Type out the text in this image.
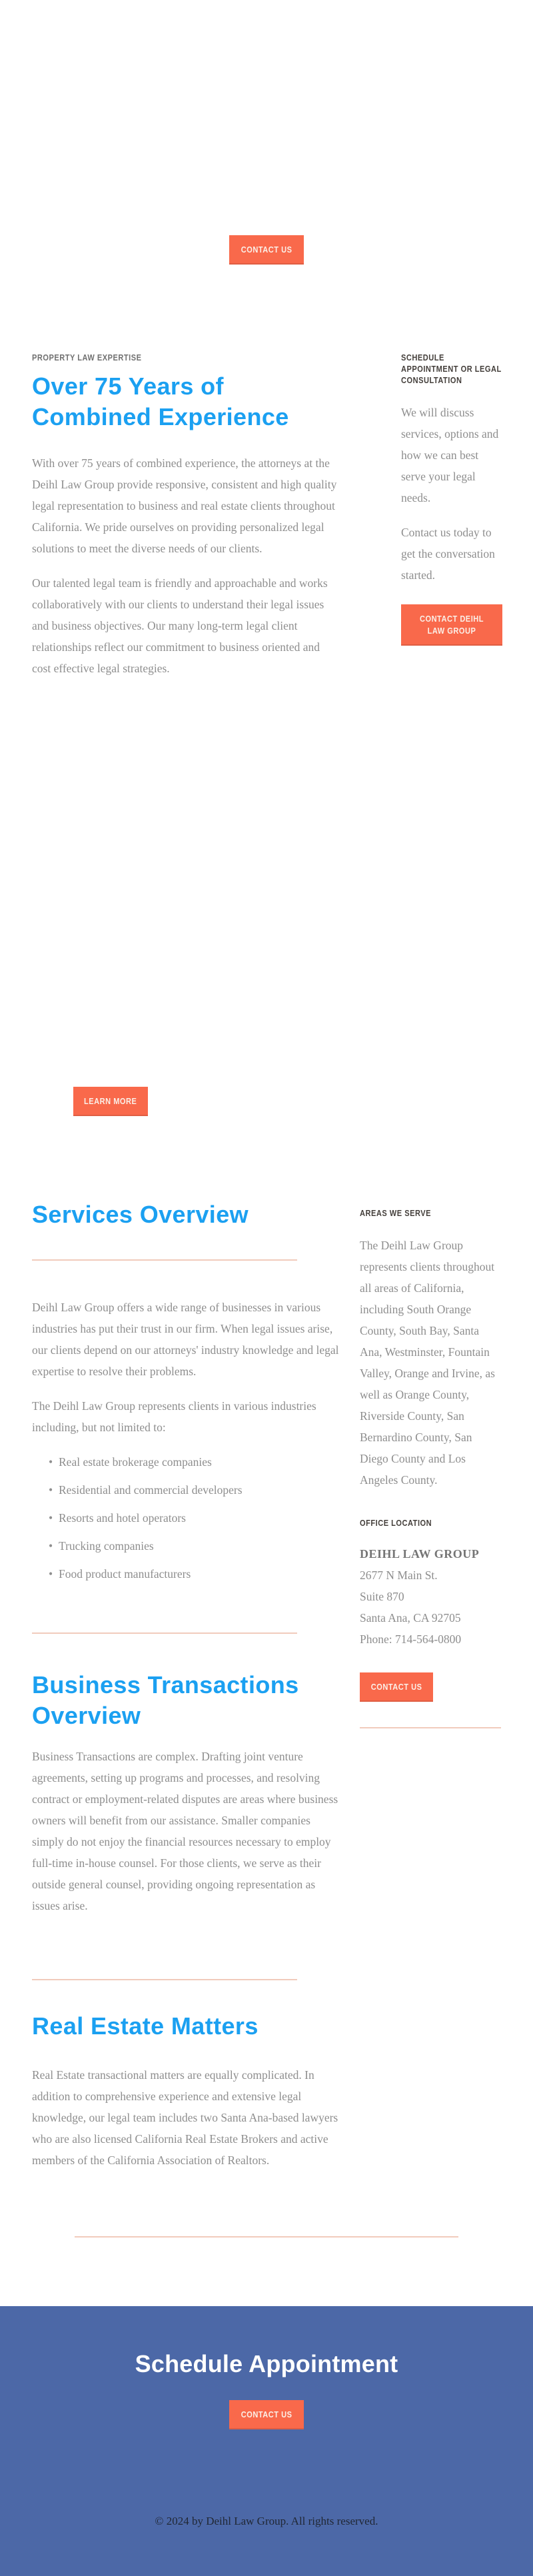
CONTACT US
PROPERTY LAW EXPERTISE
Over 75 Years of Combined Experience

With over 75 years of combined experience, the attorneys at the Deihl Law Group provide responsive, consistent and high quality legal representation to business and real estate clients throughout California. We pride ourselves on providing personalized legal solutions to meet the diverse needs of our clients.

Our talented legal team is friendly and approachable and works collaboratively with our clients to understand their legal issues and business objectives. Our many long-term legal client relationships reflect our commitment to business oriented and cost effective legal strategies.

SCHEDULE APPOINTMENT OR LEGAL CONSULTATION

We will discuss services, options and how we can best serve your legal needs.

Contact us today to get the conversation started.

CONTACT DEIHL LAW GROUP
LEARN MORE
Services Overview

Deihl Law Group offers a wide range of businesses in various industries has put their trust in our firm. When legal issues arise, our clients depend on our attorneys' industry knowledge and legal expertise to resolve their problems.

The Deihl Law Group represents clients in various industries including, but not limited to:

• Real estate brokerage companies
• Residential and commercial developers
• Resorts and hotel operators
• Trucking companies
• Food product manufacturers
AREAS WE SERVE

The Deihl Law Group represents clients throughout all areas of California, including South Orange County, South Bay, Santa Ana, Westminster, Fountain Valley, Orange and Irvine, as well as Orange County, Riverside County, San Bernardino County, San Diego County and Los Angeles County.

OFFICE LOCATION
DEIHL LAW GROUP
2677 N Main St.
Suite 870
Santa Ana, CA 92705
Phone: 714-564-0800
CONTACT US
Business Transactions Overview

Business Transactions are complex. Drafting joint venture agreements, setting up programs and processes, and resolving contract or employment-related disputes are areas where business owners will benefit from our assistance. Smaller companies simply do not enjoy the financial resources necessary to employ full-time in-house counsel. For those clients, we serve as their outside general counsel, providing ongoing representation as issues arise.

Real Estate Matters

Real Estate transactional matters are equally complicated. In addition to comprehensive experience and extensive legal knowledge, our legal team includes two Santa Ana-based lawyers who are also licensed California Real Estate Brokers and active members of the California Association of Realtors.

Schedule Appointment
CONTACT US
© 2024 by Deihl Law Group. All rights reserved.
